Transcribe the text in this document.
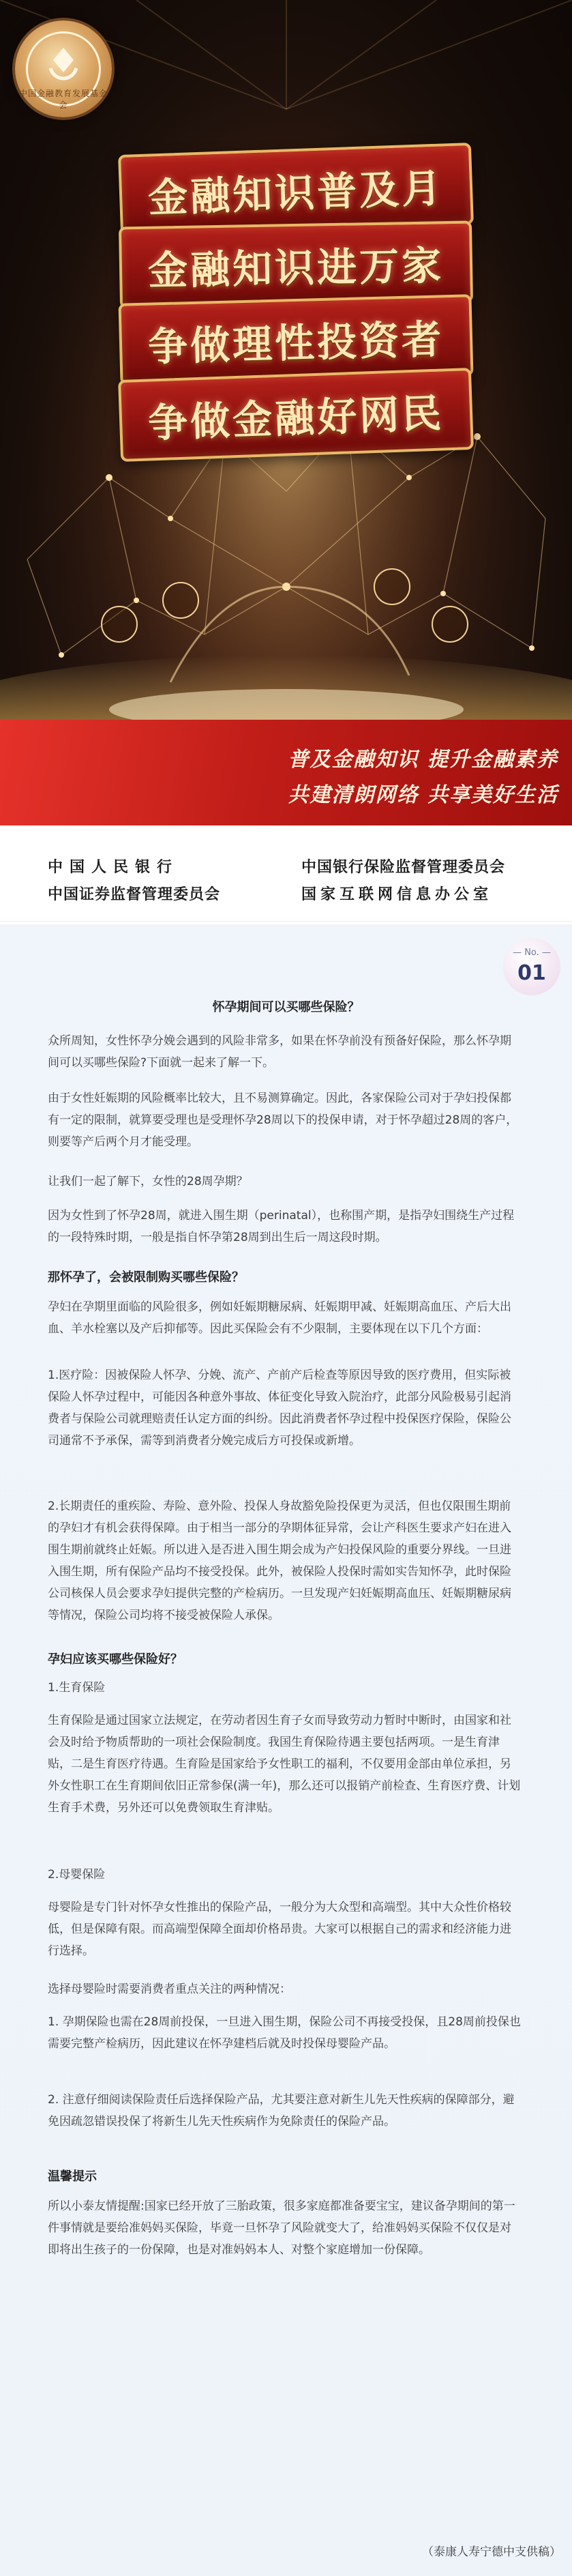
中国金融教育发展基金会
金融知识普及月
金融知识进万家
争做理性投资者
争做金融好网民
普及金融知识 提升金融素养
共建清朗网络 共享美好生活
中国人民银行	中国银行保险监督管理委员会
中国证券监督管理委员会	国家互联网信息办公室
— No. —
01
怀孕期间可以买哪些保险？
众所周知，女性怀孕分娩会遇到的风险非常多，如果在怀孕前没有预备好保险，那么怀孕期间可以买哪些保险?下面就一起来了解一下。
由于女性妊娠期的风险概率比较大，且不易测算确定。因此，各家保险公司对于孕妇投保都有一定的限制，就算要受理也是受理怀孕28周以下的投保申请，对于怀孕超过28周的客户，则要等产后两个月才能受理。
让我们一起了解下，女性的28周孕期？
因为女性到了怀孕28周，就进入围生期（perinatal），也称围产期，是指孕妇围绕生产过程的一段特殊时期，一般是指自怀孕第28周到出生后一周这段时期。
那怀孕了，会被限制购买哪些保险？
孕妇在孕期里面临的风险很多，例如妊娠期糖尿病、妊娠期甲减、妊娠期高血压、产后大出血、羊水栓塞以及产后抑郁等。因此买保险会有不少限制，主要体现在以下几个方面：
1.医疗险：因被保险人怀孕、分娩、流产、产前产后检查等原因导致的医疗费用，但实际被保险人怀孕过程中，可能因各种意外事故、体征变化导致入院治疗，此部分风险极易引起消费者与保险公司就理赔责任认定方面的纠纷。因此消费者怀孕过程中投保医疗保险，保险公司通常不予承保，需等到消费者分娩完成后方可投保或新增。
2.长期责任的重疾险、寿险、意外险、投保人身故豁免险投保更为灵活，但也仅限围生期前的孕妇才有机会获得保障。由于相当一部分的孕期体征异常，会让产科医生要求产妇在进入围生期前就终止妊娠。所以进入是否进入围生期会成为产妇投保风险的重要分界线。一旦进入围生期，所有保险产品均不接受投保。此外，被保险人投保时需如实告知怀孕，此时保险公司核保人员会要求孕妇提供完整的产检病历。一旦发现产妇妊娠期高血压、妊娠期糖尿病等情况，保险公司均将不接受被保险人承保。
孕妇应该买哪些保险好？
1.生育保险
生育保险是通过国家立法规定，在劳动者因生育子女而导致劳动力暂时中断时，由国家和社会及时给予物质帮助的一项社会保险制度。我国生育保险待遇主要包括两项。一是生育津贴，二是生育医疗待遇。生育险是国家给予女性职工的福利，不仅要用金部由单位承担，另外女性职工在生育期间依旧正常参保(满一年)，那么还可以报销产前检查、生育医疗费、计划生育手术费，另外还可以免费领取生育津贴。
2.母婴保险
母婴险是专门针对怀孕女性推出的保险产品，一般分为大众型和高端型。其中大众性价格较低，但是保障有限。而高端型保障全面却价格昂贵。大家可以根据自己的需求和经济能力进行选择。
选择母婴险时需要消费者重点关注的两种情况：
1. 孕期保险也需在28周前投保，一旦进入围生期，保险公司不再接受投保，且28周前投保也需要完整产检病历，因此建议在怀孕建档后就及时投保母婴险产品。
2. 注意仔细阅读保险责任后选择保险产品，尤其要注意对新生儿先天性疾病的保障部分，避免因疏忽错误投保了将新生儿先天性疾病作为免除责任的保险产品。
温馨提示
所以小泰友情提醒:国家已经开放了三胎政策，很多家庭都准备要宝宝，建议备孕期间的第一件事情就是要给准妈妈买保险，毕竟一旦怀孕了风险就变大了，给准妈妈买保险不仅仅是对即将出生孩子的一份保障，也是对准妈妈本人、对整个家庭增加一份保障。
（泰康人寿宁德中支供稿）
